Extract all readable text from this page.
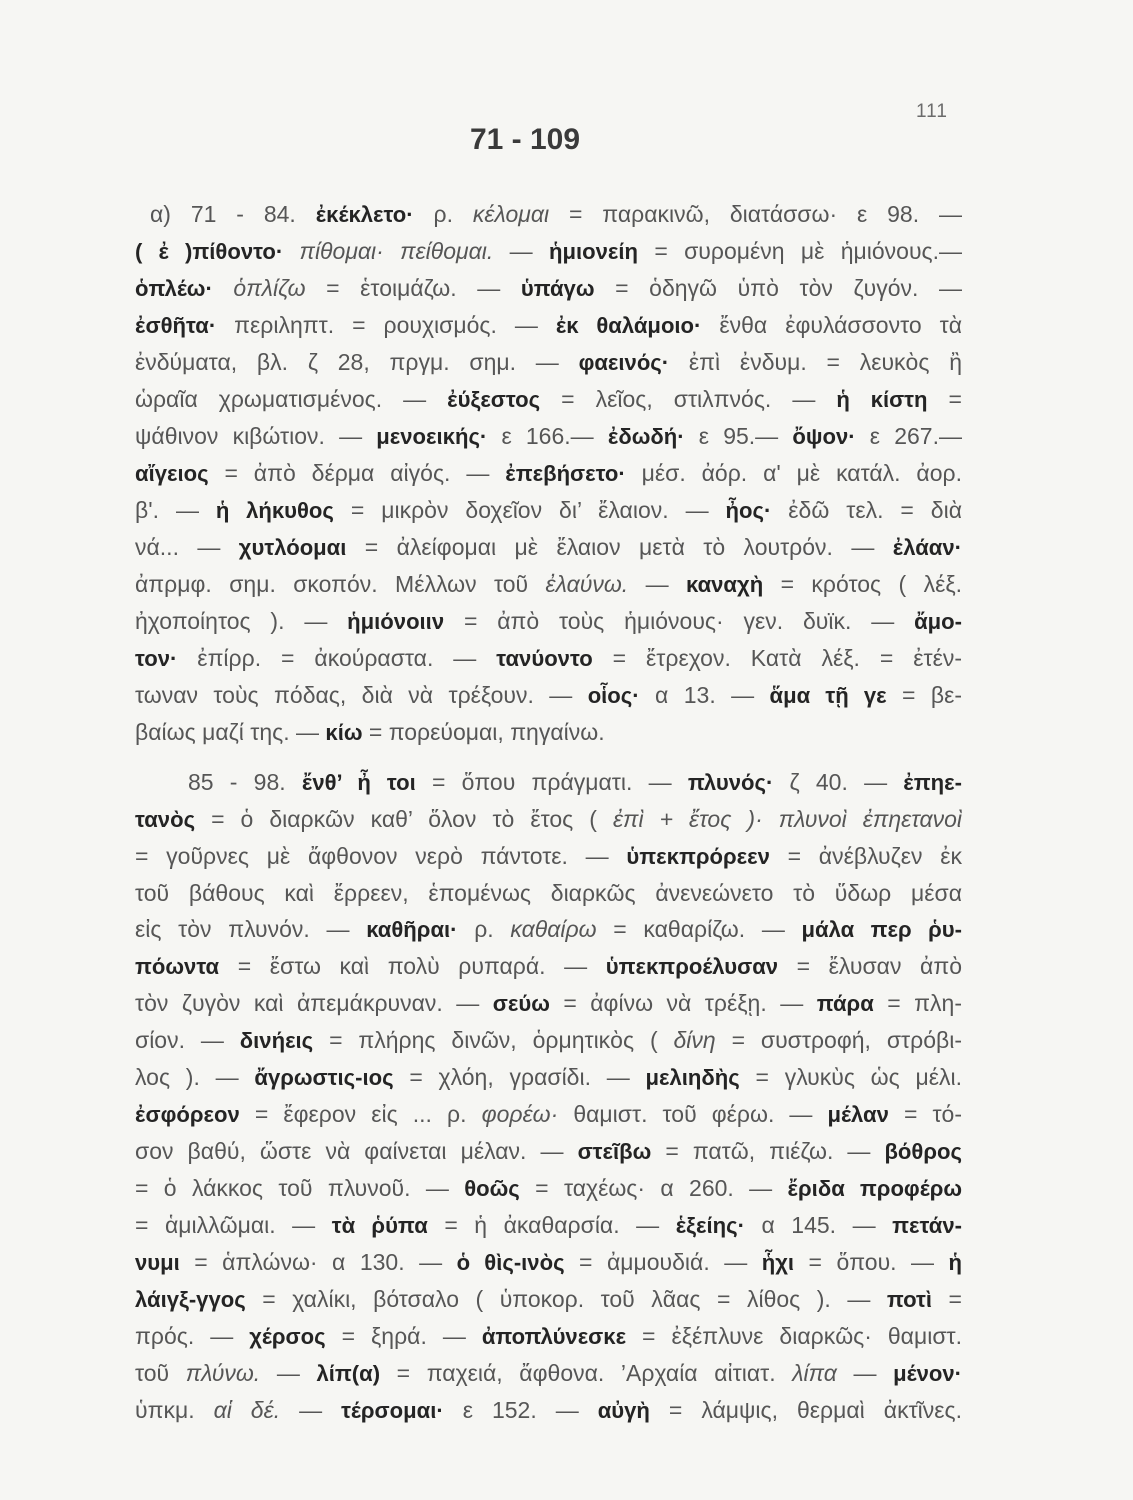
111
71 - 109
α) 71 - 84. ἐκέκλετο· ρ. κέλομαι = παρακινῶ, διατάσσω· ε 98. —
( ἐ )πίθοντο· πίθομαι· πείθομαι. — ἡμιονείη = συρομένη μὲ ἡμιόνους.—
ὁπλέω· ὁπλίζω = ἑτοιμάζω. — ὑπάγω = ὁδηγῶ ὑπὸ τὸν ζυγόν. —
ἐσθῆτα· περιληπτ. = ρουχισμός. — ἐκ θαλάμοιο· ἔνθα ἐφυλάσσοντο τὰ
ἐνδύματα, βλ. ζ 28, πργμ. σημ. — φαεινός· ἐπὶ ἐνδυμ. = λευκὸς ἢ
ὡραῖα χρωματισμένος. — ἐύξεστος = λεῖος, στιλπνός. — ἡ κίστη =
ψάθινον κιβώτιον. — μενοεικής· ε 166.— ἐδωδή· ε 95.— ὄψον· ε 267.—
αἴγειος = ἀπὸ δέρμα αἰγός. — ἐπεβήσετο· μέσ. ἀόρ. α' μὲ κατάλ. ἀορ.
β'. — ἡ λήκυθος = μικρὸν δοχεῖον δι’ ἔλαιον. — ἦος· ἐδῶ τελ. = διὰ
νά... — χυτλόομαι = ἀλείφομαι μὲ ἔλαιον μετὰ τὸ λουτρόν. — ἐλάαν·
ἀπρμφ. σημ. σκοπόν. Μέλλων τοῦ ἐλαύνω. — καναχὴ = κρότος ( λέξ.
ἠχοποίητος ). — ἡμιόνοιιν = ἀπὸ τοὺς ἡμιόνους· γεν. δυϊκ. — ἄμο-
τον· ἐπίρρ. = ἀκούραστα. — τανύοντο = ἔτρεχον. Κατὰ λέξ. = ἐτέν-
τωναν τοὺς πόδας, διὰ νὰ τρέξουν. — οἷος· α 13. — ἅμα τῇ γε = βε-
βαίως μαζί της. — κίω = πορεύομαι, πηγαίνω.
85 - 98. ἔνθ’ ἦ τοι = ὅπου πράγματι. — πλυνός· ζ 40. — ἐπηε-
τανὸς = ὁ διαρκῶν καθ’ ὅλον τὸ ἔτος ( ἐπὶ + ἔτος )· πλυνοὶ ἐπηετανοὶ
= γοῦρνες μὲ ἄφθονον νερὸ πάντοτε. — ὑπεκπρόρεεν = ἀνέβλυζεν ἐκ
τοῦ βάθους καὶ ἔρρεεν, ἑπομένως διαρκῶς ἀνενεώνετο τὸ ὕδωρ μέσα
εἰς τὸν πλυνόν. — καθῆραι· ρ. καθαίρω = καθαρίζω. — μάλα περ ῥυ-
πόωντα = ἔστω καὶ πολὺ ρυπαρά. — ὑπεκπροέλυσαν = ἔλυσαν ἀπὸ
τὸν ζυγὸν καὶ ἀπεμάκρυναν. — σεύω = ἀφίνω νὰ τρέξῃ. — πάρα = πλη-
σίον. — δινήεις = πλήρης δινῶν, ὁρμητικὸς ( δίνη = συστροφή, στρόβι-
λος ). — ἄγρωστις-ιος = χλόη, γρασίδι. — μελιηδὴς = γλυκὺς ὡς μέλι.
ἐσφόρεον = ἔφερον εἰς ... ρ. φορέω· θαμιστ. τοῦ φέρω. — μέλαν = τό-
σον βαθύ, ὥστε νὰ φαίνεται μέλαν. — στεῖβω = πατῶ, πιέζω. — βόθρος
= ὁ λάκκος τοῦ πλυνοῦ. — θοῶς = ταχέως· α 260. — ἔριδα προφέρω
= ἁμιλλῶμαι. — τὰ ῥύπα = ἡ ἀκαθαρσία. — ἑξείης· α 145. — πετάν-
νυμι = ἁπλώνω· α 130. — ὁ θὶς-ινὸς = ἀμμουδιά. — ἧχι = ὅπου. — ἡ
λάιγξ-γγος = χαλίκι, βότσαλο ( ὑποκορ. τοῦ λᾶας = λίθος ). — ποτὶ =
πρός. — χέρσος = ξηρά. — ἀποπλύνεσκε = ἐξέπλυνε διαρκῶς· θαμιστ.
τοῦ πλύνω. — λίπ(α) = παχειά, ἄφθονα. ’Αρχαία αἰτιατ. λίπα — μένον·
ὑπκμ. αἱ δέ. — τέρσομαι· ε 152. — αὐγὴ = λάμψις, θερμαὶ ἀκτῖνες.
